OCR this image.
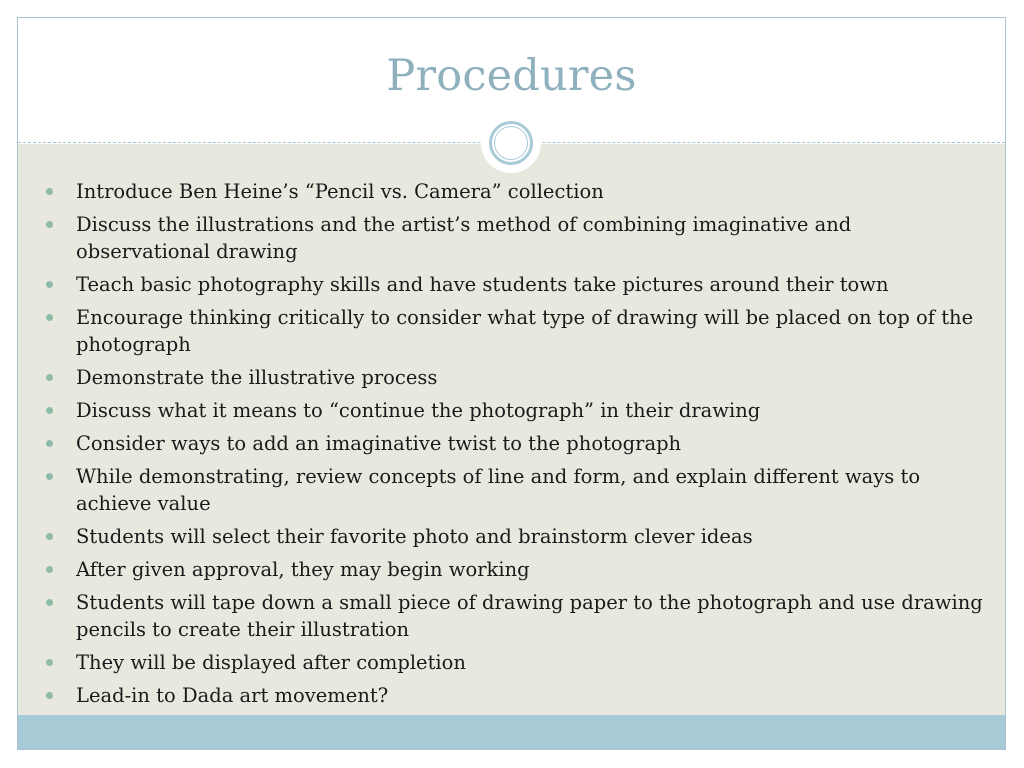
Procedures
Introduce Ben Heine’s “Pencil vs. Camera” collection
Discuss the illustrations and the artist’s method of combining imaginative and observational drawing
Teach basic photography skills and have students take pictures around their town
Encourage thinking critically to consider what type of drawing will be placed on top of the photograph
Demonstrate the illustrative process
Discuss what it means to “continue the photograph” in their drawing
Consider ways to add an imaginative twist to the photograph
While demonstrating, review concepts of line and form, and explain different ways to achieve value
Students will select their favorite photo and brainstorm clever ideas
After given approval, they may begin working
Students will tape down a small piece of drawing paper to the photograph and use drawing pencils to create their illustration
They will be displayed after completion
Lead-in to Dada art movement?
